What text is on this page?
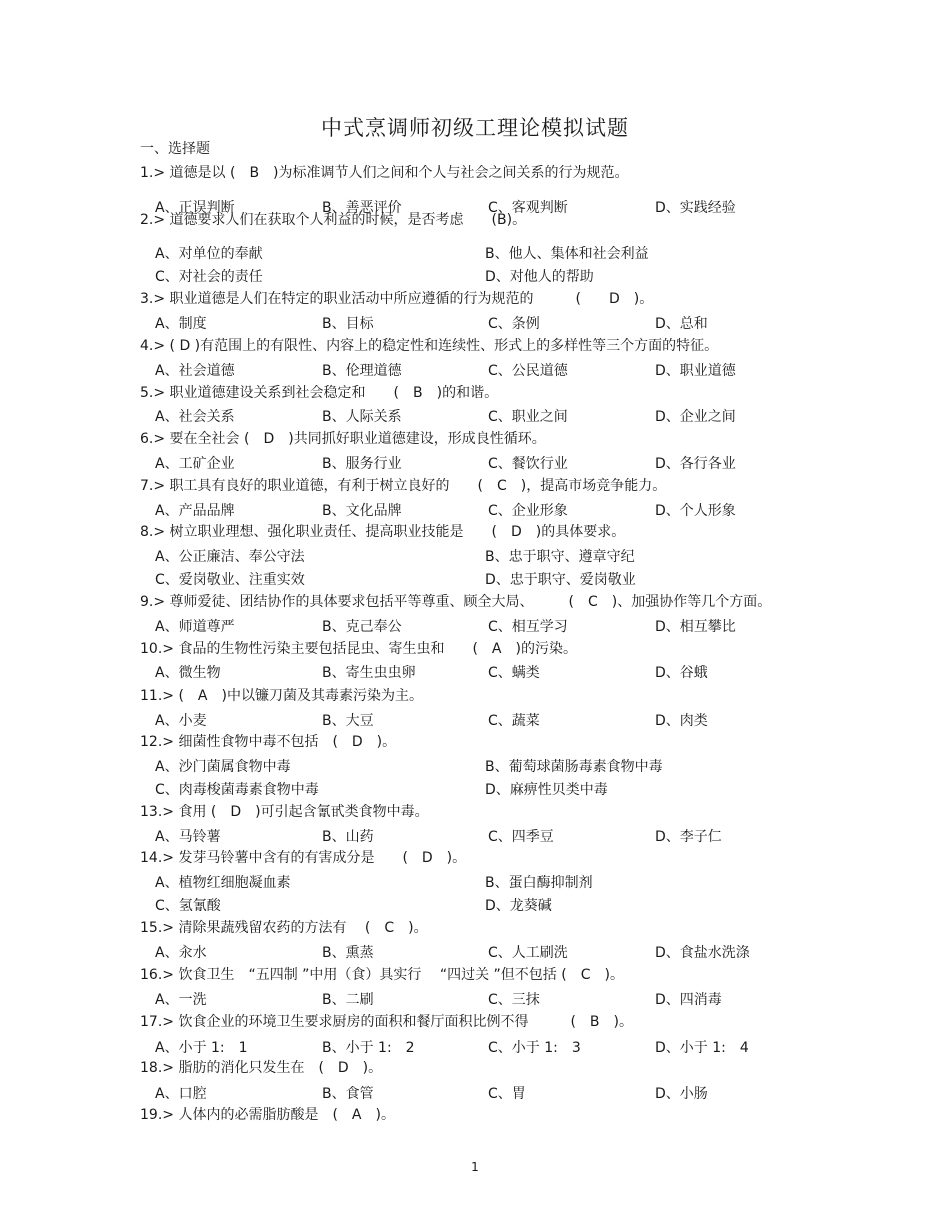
中式烹调师初级工理论模拟试题
一、选择题
1.> 道德是以 (　B　)为标准调节人们之间和个人与社会之间关系的行为规范。
A、正误判断	B、善恶评价	C、客观判断	D、实践经验
2.> 道德要求人们在获取个人利益的时候，是否考虑　　(B)。
A、对单位的奉献	B、他人、集体和社会利益
C、对社会的责任	D、对他人的帮助
3.> 职业道德是人们在特定的职业活动中所应遵循的行为规范的　　　(　　D　)。
A、制度	B、目标	C、条例	D、总和
4.> ( D )有范围上的有限性、内容上的稳定性和连续性、形式上的多样性等三个方面的特征。
A、社会道德	B、伦理道德	C、公民道德	D、职业道德
5.> 职业道德建设关系到社会稳定和　　(　B　)的和谐。
A、社会关系	B、人际关系	C、职业之间	D、企业之间
6.> 要在全社会 (　D　)共同抓好职业道德建设，形成良性循环。
A、工矿企业	B、服务行业	C、餐饮行业	D、各行各业
7.> 职工具有良好的职业道德，有利于树立良好的　　(　C　)，提高市场竞争能力。
A、产品品牌	B、文化品牌	C、企业形象	D、个人形象
8.> 树立职业理想、强化职业责任、提高职业技能是　　(　D　)的具体要求。
A、公正廉洁、奉公守法	B、忠于职守、遵章守纪
C、爱岗敬业、注重实效	D、忠于职守、爱岗敬业
9.> 尊师爱徒、团结协作的具体要求包括平等尊重、顾全大局、　　　(　C　)、加强协作等几个方面。
A、师道尊严	B、克己奉公	C、相互学习	D、相互攀比
10.> 食品的生物性污染主要包括昆虫、寄生虫和　　(　A　)的污染。
A、微生物	B、寄生虫虫卵	C、螨类	D、谷蛾
11.> (　A　)中以镰刀菌及其毒素污染为主。
A、小麦	B、大豆	C、蔬菜	D、肉类
12.> 细菌性食物中毒不包括　(　D　)。
A、沙门菌属食物中毒	B、葡萄球菌肠毒素食物中毒
C、肉毒梭菌毒素食物中毒	D、麻痹性贝类中毒
13.> 食用 (　D　)可引起含氰甙类食物中毒。
A、马铃薯	B、山药	C、四季豆	D、李子仁
14.> 发芽马铃薯中含有的有害成分是　　(　D　)。
A、植物红细胞凝血素	B、蛋白酶抑制剂
C、氢氰酸	D、龙葵碱
15.> 清除果蔬残留农药的方法有　 (　C　)。
A、汆水	B、熏蒸	C、人工刷洗	D、食盐水洗涤
16.> 饮食卫生　“五四制 ”中用（食）具实行　 “四过关 ”但不包括 (　C　)。
A、一洗	B、二刷	C、三抹	D、四消毒
17.> 饮食企业的环境卫生要求厨房的面积和餐厅面积比例不得　　　(　B　)。
A、小于 1:　1	B、小于 1:　2	C、小于 1:　3	D、小于 1:　4
18.> 脂肪的消化只发生在　(　D　)。
A、口腔	B、食管	C、胃	D、小肠
19.> 人体内的必需脂肪酸是　(　A　)。
1
